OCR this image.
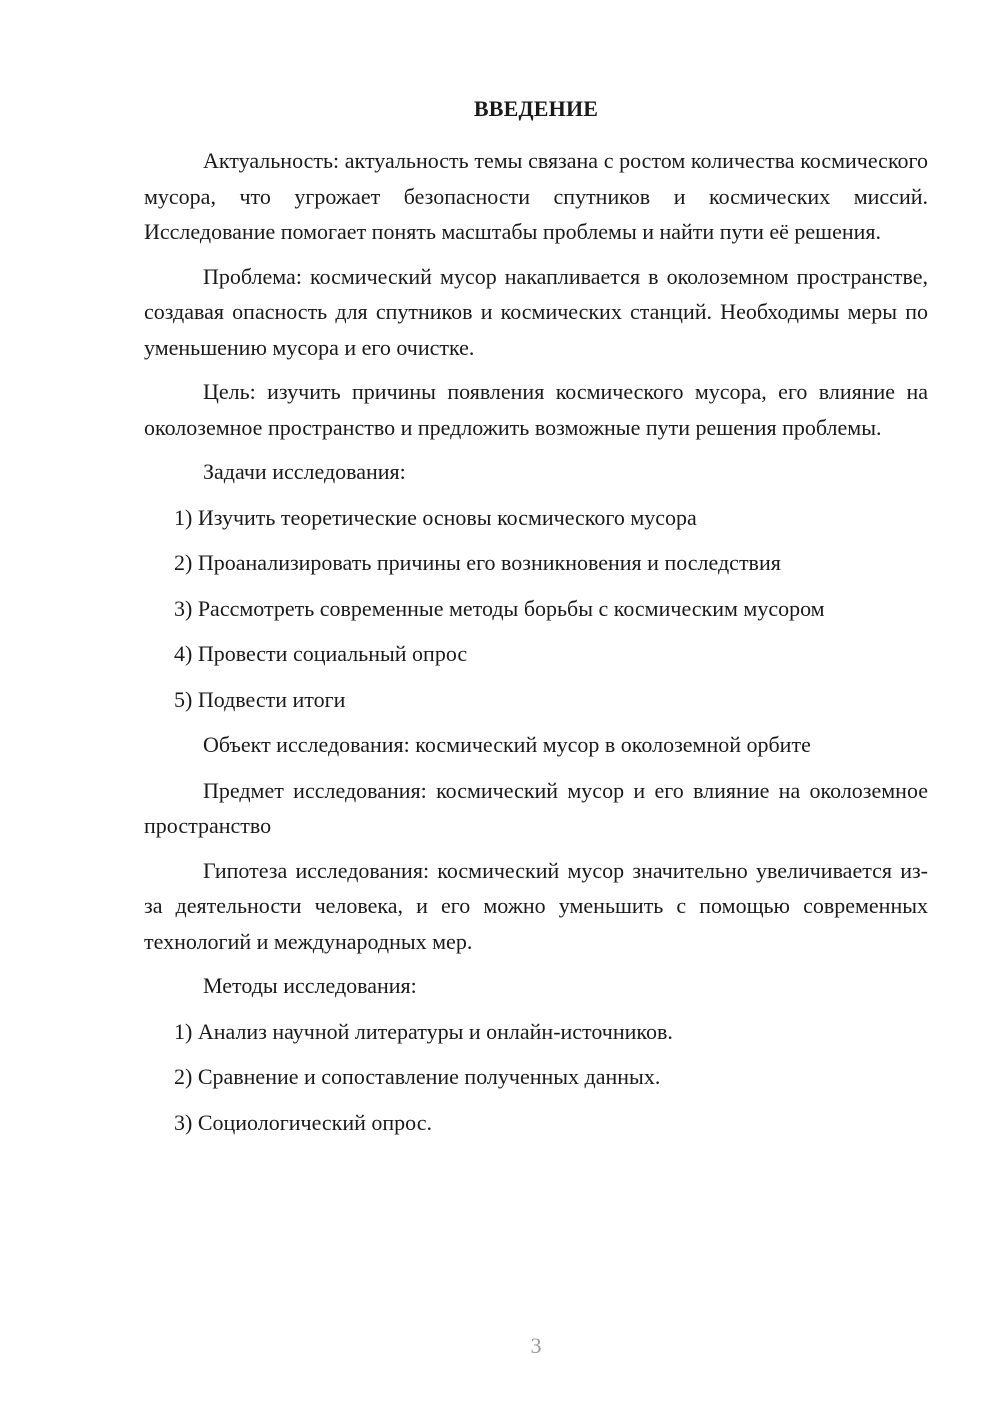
ВВЕДЕНИЕ

Актуальность: актуальность темы связана с ростом количества космического мусора, что угрожает безопасности спутников и космических миссий. Исследование помогает понять масштабы проблемы и найти пути её решения.

Проблема: космический мусор накапливается в околоземном пространстве, создавая опасность для спутников и космических станций. Необходимы меры по уменьшению мусора и его очистке.

Цель: изучить причины появления космического мусора, его влияние на околоземное пространство и предложить возможные пути решения проблемы.

Задачи исследования:

1) Изучить теоретические основы космического мусора

2) Проанализировать причины его возникновения и последствия

3) Рассмотреть современные методы борьбы с космическим мусором

4) Провести социальный опрос

5) Подвести итоги

Объект исследования: космический мусор в околоземной орбите

Предмет исследования: космический мусор и его влияние на околоземное пространство

Гипотеза исследования: космический мусор значительно увеличивается из-за деятельности человека, и его можно уменьшить с помощью современных технологий и международных мер.

Методы исследования:

1) Анализ научной литературы и онлайн-источников.

2) Сравнение и сопоставление полученных данных.

3) Социологический опрос.

3
